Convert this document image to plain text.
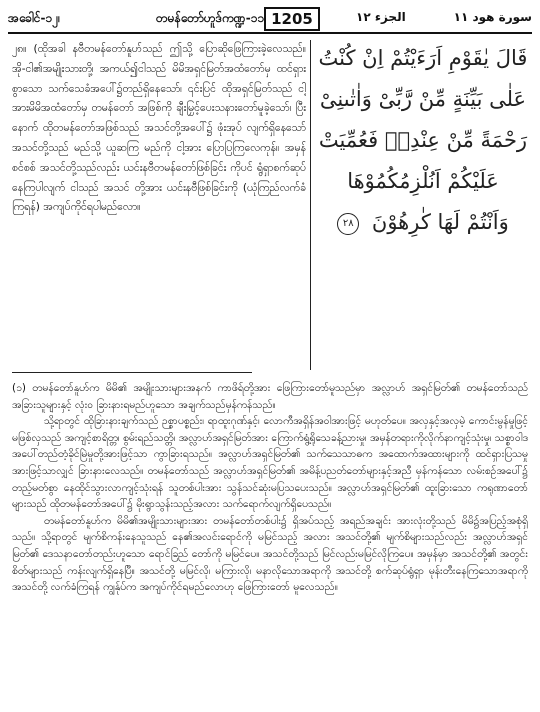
အခေါင်-၁၂၊	တမန်တော်ဟူဒ်ကဏ္ဍ-၁၁ 1205	الجزء ١٢	سورة هود ١١

၂၈။ (ထိုအခါ နဗီတမန်တော်နူဟ်သည် ဤသို့ ပြောဆိုဖြေကြားခဲ့လေသည်။ အို-ငါ၏အမျိုးသားတို့၊ အကယ်၍ငါသည် မိမိအရှင်မြတ်အထံတော်မှ ထင်ရှား စွာသော သက်သေခံအပေါ်၌တည်ရှိနေသော်၊ ၎င်းပြင် ထိုအရှင်မြတ်သည် ငါ့အားမိမိအထံတော်မှ တမန်တော် အဖြစ်ကို ချီးမြှင့်ပေးသနားတော်မူခဲ့သော်၊ ပြီးနောက် ထိုတမန်တော်အဖြစ်သည် အသင်တို့အပေါ်၌ ဖုံးအုပ် လျက်ရှိနေသော် အသင်တို့သည် မည်သို့ ယူဆကြ မည်ကို ငါ့အား ပြောပြကြလေကုန်။ အမှန်စင်စစ် အသင်တို့သည်လည်း ယင်းနဗီတမန်တော်ဖြစ်ခြင်း ကိုပင် ရွံရှာစက်ဆုပ်နေကြပါလျက် ငါသည် အသင် တို့အား ယင်းနဗီဖြစ်ခြင်းကို (ယုံကြည်လက်ခံကြရန်) အကျပ်ကိုင်ရပါမည်လော။

قَالَ يٰقَوْمِ اَرَءَيْتُمْ اِنْ كُنْتُ
عَلٰى بَيِّنَةٍ مِّنْ رَّبِّىْ وَاٰتٰىنِىْ
رَحْمَةً مِّنْ عِنْدِهٖ فَعُمِّيَتْ
عَلَيْكُمْ اَنُلْزِمُكُمُوْهَا
وَاَنْتُمْ لَهَا كٰرِهُوْنَ ٢٨

(၁) တမန်တော်နူဟ်က မိမိ၏ အမျိုးသားများအနက် ကာဖိရ်တို့အား ဖြေကြားတော်မူသည်မှာ အလ္လာဟ် အရှင်မြတ်၏ တမန်တော်သည် အခြားသူများနှင့် လုံးဝ ခြားနားရမည်ဟူသော အချက်သည်မှန်ကန်သည်။

သို့ရာတွင် ထိုခြားနားချက်သည် ဉစ္စာပစ္စည်း၊ ရာထူးဂုဏ်နှင့်၊ လောကီအရှိန်အဝါအားဖြင့် မဟုတ်ပေ။ အလှနှင့်အလှမဲ့ ကောင်းမွန်မှုဖြင့်မဖြစ်လှသည် အကျင့်စာရိတ္တ၊ စွမ်းရည်သတ္တိ၊ အလ္လာဟ်အရှင်မြတ်အား ကြောက်ရွံ့ရိုသေခန့်ညားမှု၊ အမှန်တရားကိုလိုက်နာကျင့်သုံးမှု၊ သစ္စာဝါဒအပေါ်တည်တံ့ခိုင်မြဲမှုတို့အားဖြင့်သာ ကွာခြားရသည်။ အလ္လာဟ်အရှင်မြတ်၏ သက်သေသာဓက အထောက်အထားများကို ထင်ရှားပြသမှုအားဖြင့်သာလျှင် ခြားနားလေသည်။ တမန်တော်သည် အလ္လာဟ်အရှင်မြတ်၏ အမိန့်ပညတ်တော်များနှင့်အညီ မှန်ကန်သော လမ်းစဉ်အပေါ်၌ တည့်မတ်စွာ နေထိုင်သွားလာကျင့်သုံးရန် သူတစ်ပါးအား သွန်သင်ဆုံးမပြသပေးသည်။ အလ္လာဟ်အရှင်မြတ်၏ ထူးခြားသော ကရုဏာတော်များသည် ထိုတမန်တော်အပေါ်၌ မိုးရွာသွန်းသည့်အလား သက်ရောက်လျက်ရှိပေသည်။

တမန်တော်နူဟ်က မိမိ၏အမျိုးသားများအား တမန်တော်တစ်ပါး၌ ရှိအပ်သည့် အရည်အချင်း အားလုံးတို့သည် မိမိ၌အပြည့်အစုံရှိသည်။ သို့ရာတွင် မျက်စိကန်းနေသူသည် နေ၏အလင်းရောင်ကို မမြင်သည့် အလား အသင်တို့၏ မျက်စိများသည်လည်း အလ္လာဟ်အရှင်မြတ်၏ ဒေသနာတော်တည်းဟူသော ရောင်ခြည် တော်ကို မမြင်ပေ။ အသင်တို့သည် မြင်လည်းမမြင်လိုကြပေ။ အမှန်မှာ အသင်တို့၏ အတွင်းစိတ်များသည် ကန်းလျက်ရှိနေပြီ။ အသင်တို့ မမြင်လို၊ မကြားလို၊ မနာလိုသောအရာကို အသင်တို့ စက်ဆုပ်ရွံရှာ မုန်းတီးနေကြသောအရာကို အသင်တို့ လက်ခံကြရန် ကျွန်ုပ်က အကျပ်ကိုင်ရမည်လောဟု ဖြေကြားတော် မူလေသည်။
